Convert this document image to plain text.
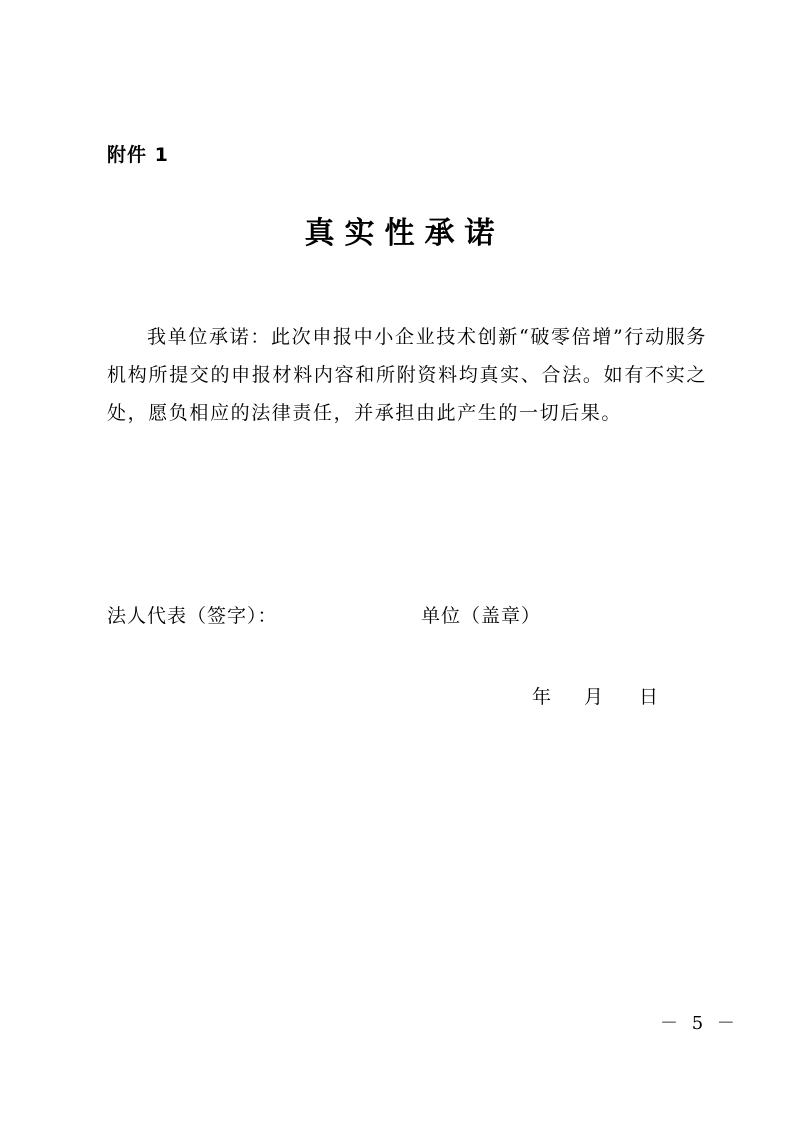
附件 1
真实性承诺

我单位承诺：此次申报中小企业技术创新“破零倍增”行动服务机构所提交的申报材料内容和所附资料均真实、合法。如有不实之处，愿负相应的法律责任，并承担由此产生的一切后果。

法人代表（签字）：	单位（盖章）
年 月 日
－ 5 －
